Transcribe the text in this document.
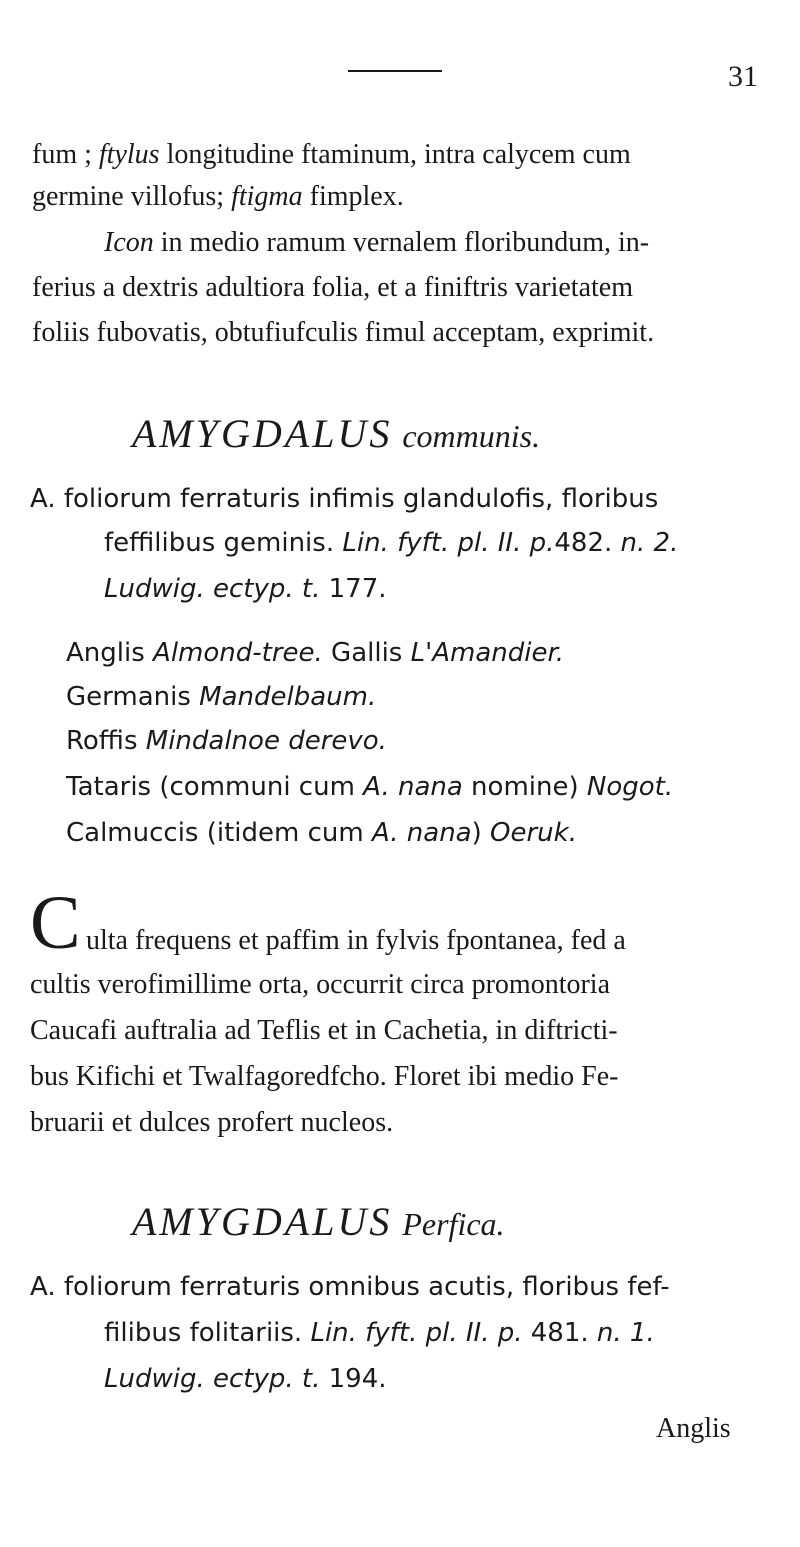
31
fum ; ftylus longitudine ftaminum, intra calycem cum
germine villofus; ftigma fimplex.
Icon in medio ramum vernalem floribundum, in-
ferius a dextris adultiora folia, et a finiftris varietatem
foliis fubovatis, obtufiufculis fimul acceptam, exprimit.
AMYGDALUS communis.
A. foliorum ferraturis infimis glandulofis, floribus
feffilibus geminis. Lin. fyft. pl. II. p.482. n. 2.
Ludwig. ectyp. t. 177.
Anglis Almond-tree. Gallis L'Amandier.
Germanis Mandelbaum.
Roffis Mindalnoe derevo.
Tataris (communi cum A. nana nomine) Nogot.
Calmuccis (itidem cum A. nana) Oeruk.
C ulta frequens et paffim in fylvis fpontanea, fed a
cultis verofimillime orta, occurrit circa promontoria
Caucafi auftralia ad Teflis et in Cachetia, in diftricti-
bus Kifichi et Twalfagoredfcho. Floret ibi medio Fe-
bruarii et dulces profert nucleos.
AMYGDALUS Perfica.
A. foliorum ferraturis omnibus acutis, floribus fef-
filibus folitariis. Lin. fyft. pl. II. p. 481. n. 1.
Ludwig. ectyp. t. 194.
Anglis
